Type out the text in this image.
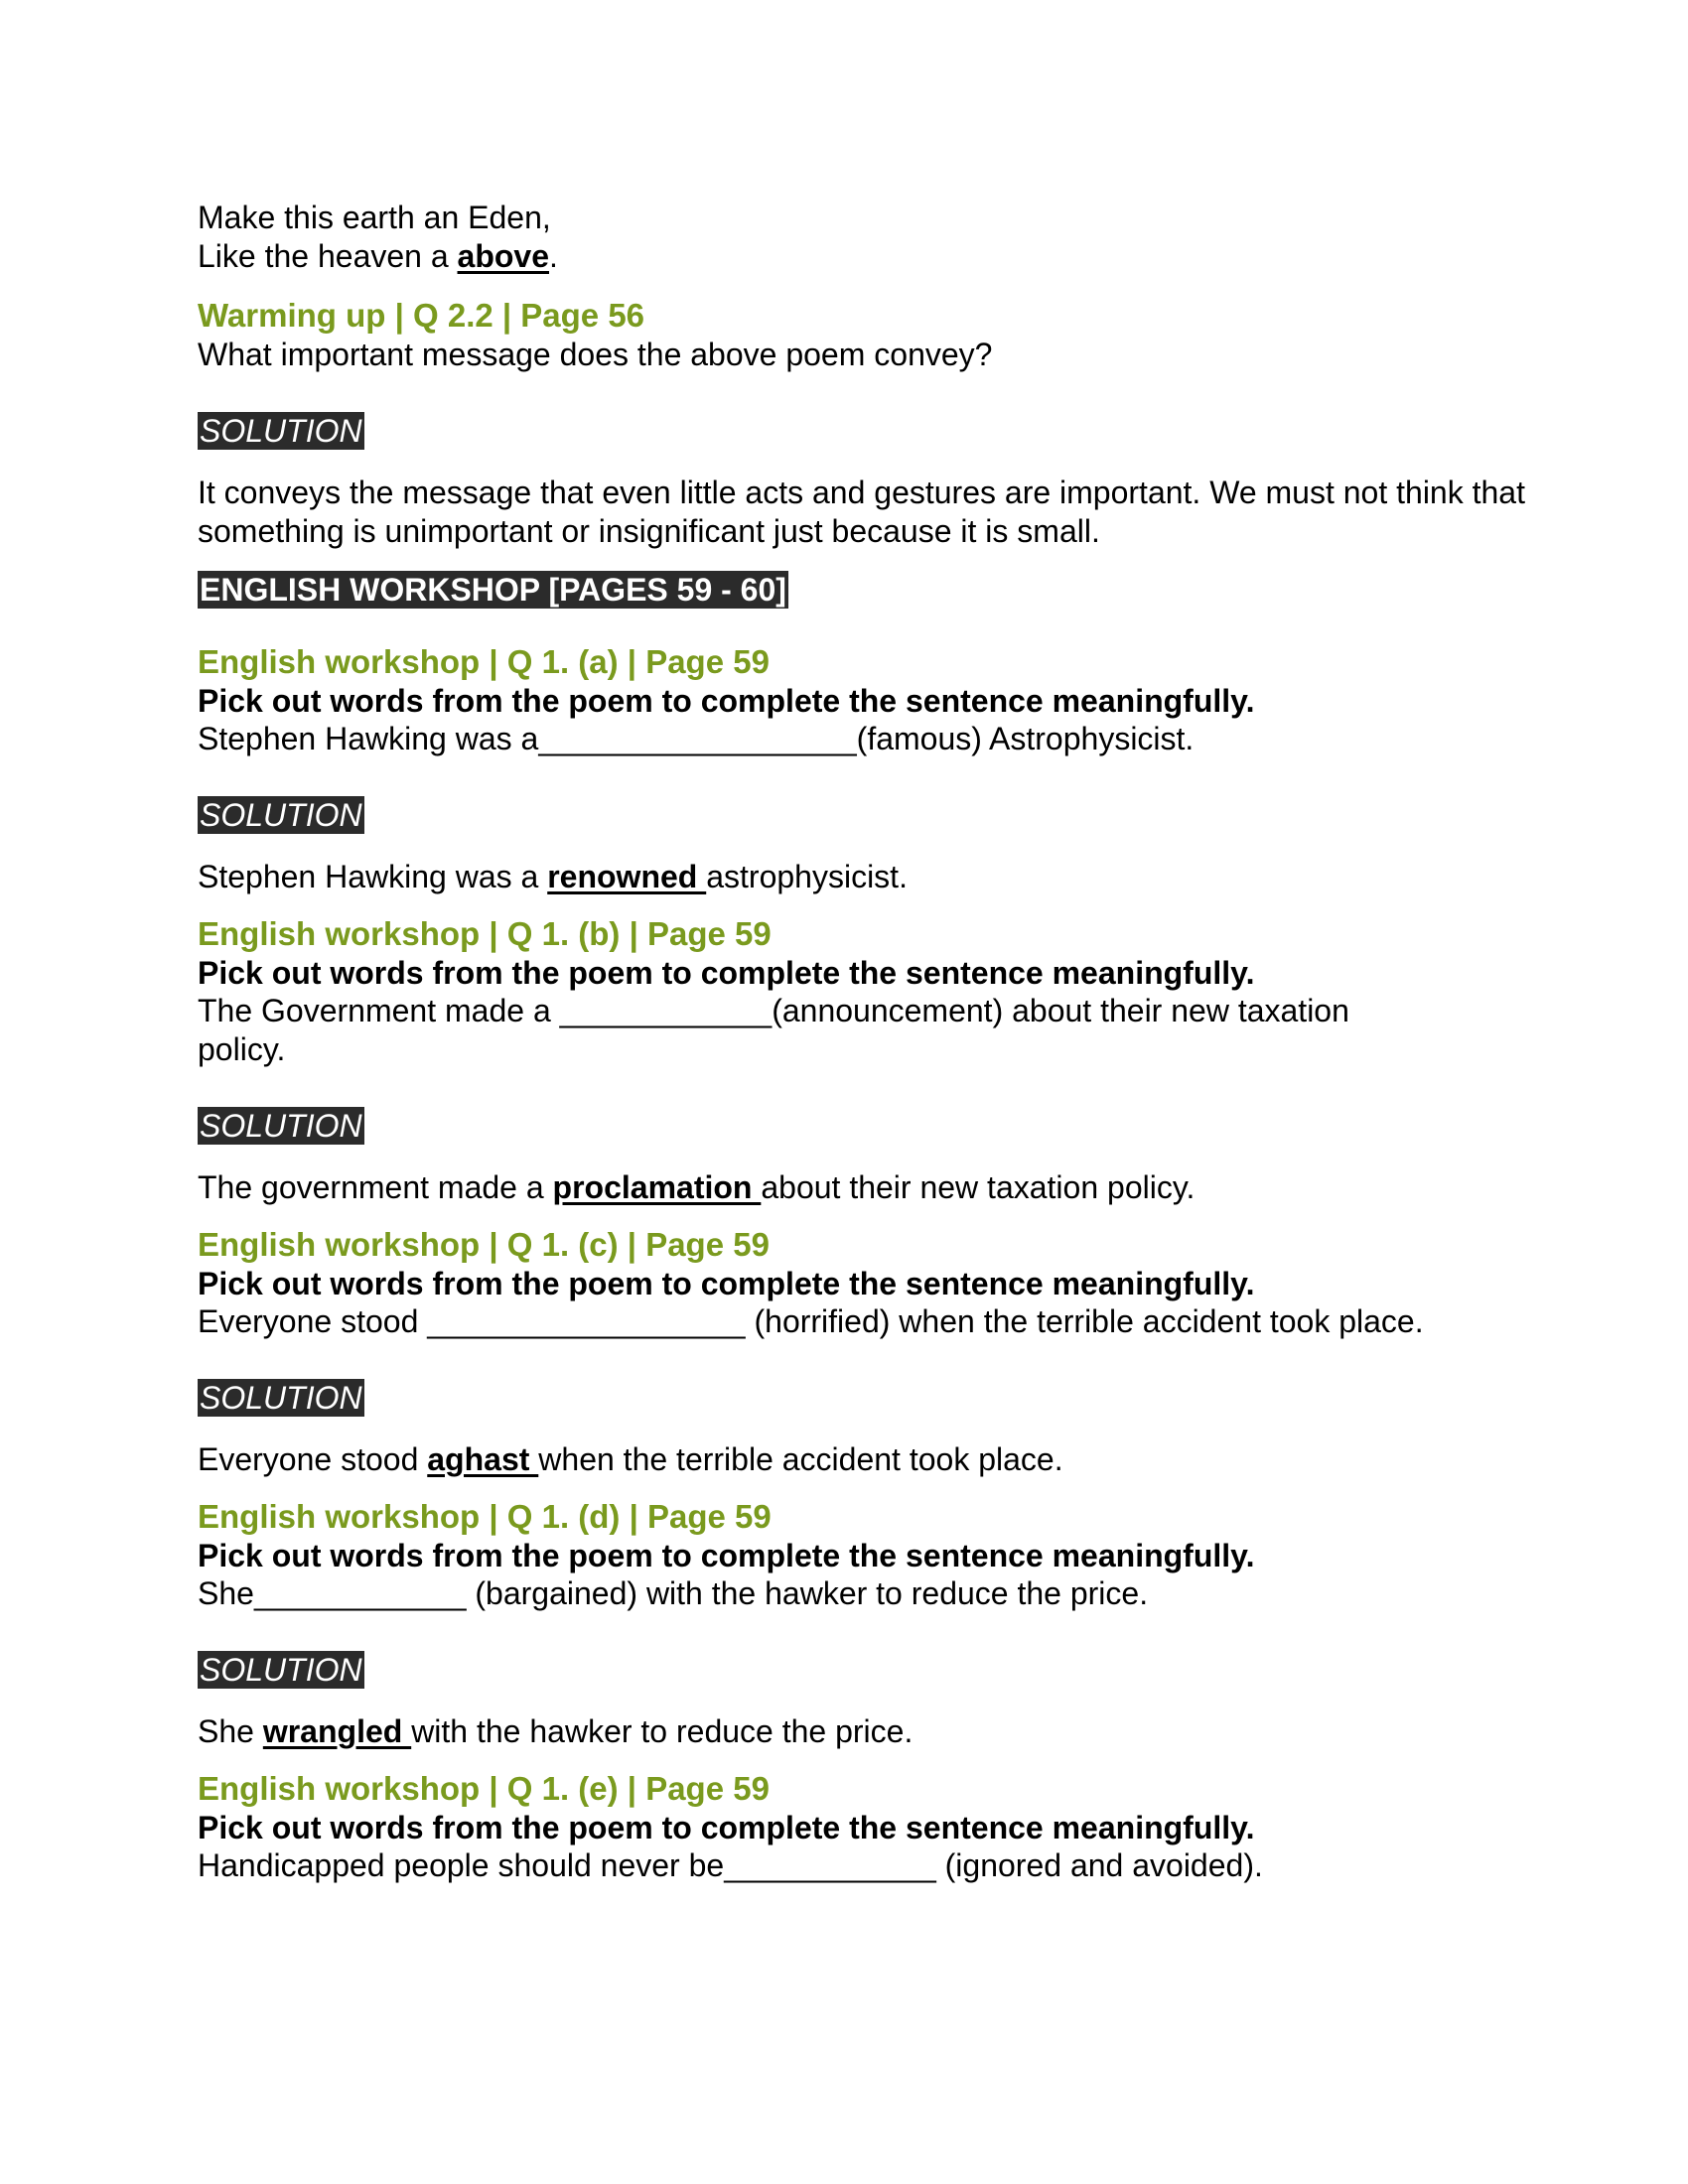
Make this earth an Eden,

Like the heaven a above.

Warming up | Q 2.2 | Page 56

What important message does the above poem convey?

SOLUTION

It conveys the message that even little acts and gestures are important. We must not think that something is unimportant or insignificant just because it is small.

ENGLISH WORKSHOP [PAGES 59 - 60]

English workshop | Q 1. (a) | Page 59

Pick out words from the poem to complete the sentence meaningfully.

Stephen Hawking was a__________________(famous) Astrophysicist.

SOLUTION

Stephen Hawking was a renowned astrophysicist.

English workshop | Q 1. (b) | Page 59

Pick out words from the poem to complete the sentence meaningfully.

The Government made a ____________(announcement) about their new taxation policy.

SOLUTION

The government made a proclamation about their new taxation policy.

English workshop | Q 1. (c) | Page 59

Pick out words from the poem to complete the sentence meaningfully.

Everyone stood __________________ (horrified) when the terrible accident took place.

SOLUTION

Everyone stood aghast when the terrible accident took place.

English workshop | Q 1. (d) | Page 59

Pick out words from the poem to complete the sentence meaningfully.

She____________ (bargained) with the hawker to reduce the price.

SOLUTION

She wrangled with the hawker to reduce the price.

English workshop | Q 1. (e) | Page 59

Pick out words from the poem to complete the sentence meaningfully.

Handicapped people should never be____________ (ignored and avoided).
